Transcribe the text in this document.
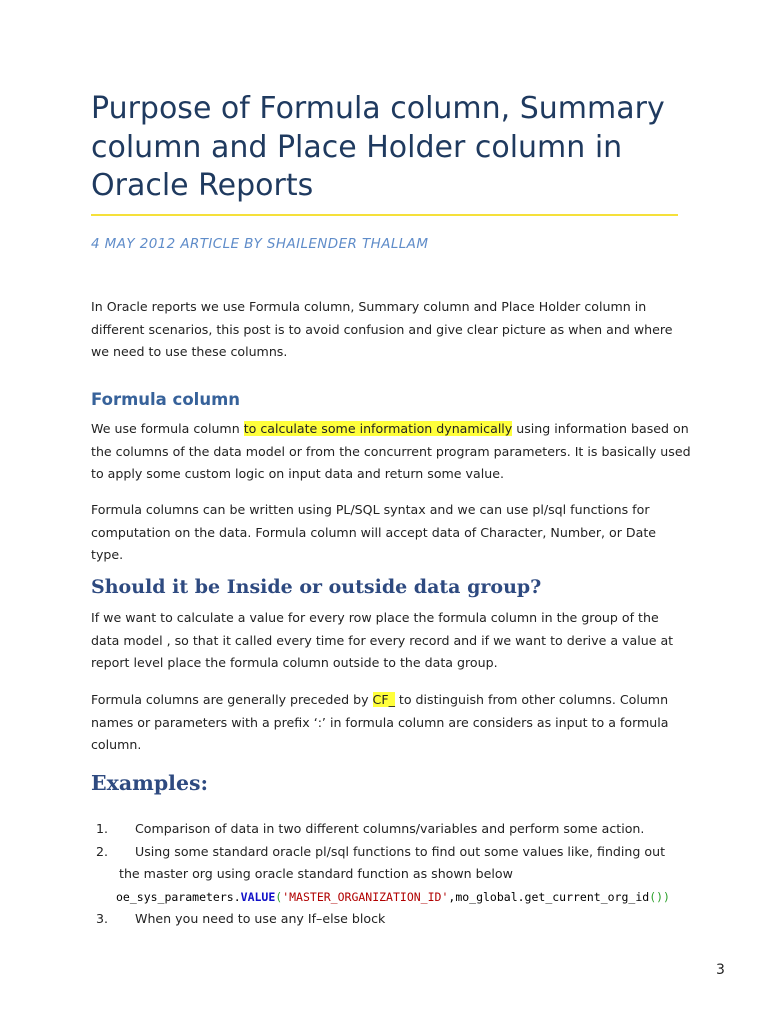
Purpose of Formula column, Summary column and Place Holder column in Oracle Reports
4 MAY 2012 ARTICLE BY SHAILENDER THALLAM

In Oracle reports we use Formula column, Summary column and Place Holder column in different scenarios, this post is to avoid confusion and give clear picture as when and where we need to use these columns.

Formula column

We use formula column to calculate some information dynamically using information based on the columns of the data model or from the concurrent program parameters. It is basically used to apply some custom logic on input data and return some value.

Formula columns can be written using PL/SQL syntax and we can use pl/sql functions for computation on the data. Formula column will accept data of Character, Number, or Date type.

Should it be Inside or outside data group?

If we want to calculate a value for every row place the formula column in the group of the data model , so that it called every time for every record and if we want to derive a value at report level place the formula column outside to the data group.

Formula columns are generally preceded by CF_ to distinguish from other columns. Column names or parameters with a prefix ‘:’ in formula column are considers as input to a formula column.

Examples:
1. Comparison of data in two different columns/variables and perform some action.
2. Using some standard oracle pl/sql functions to find out some values like, finding out
the master org using oracle standard function as shown below
oe_sys_parameters.VALUE('MASTER_ORGANIZATION_ID',mo_global.get_current_org_id())
3. When you need to use any If–else block
3
